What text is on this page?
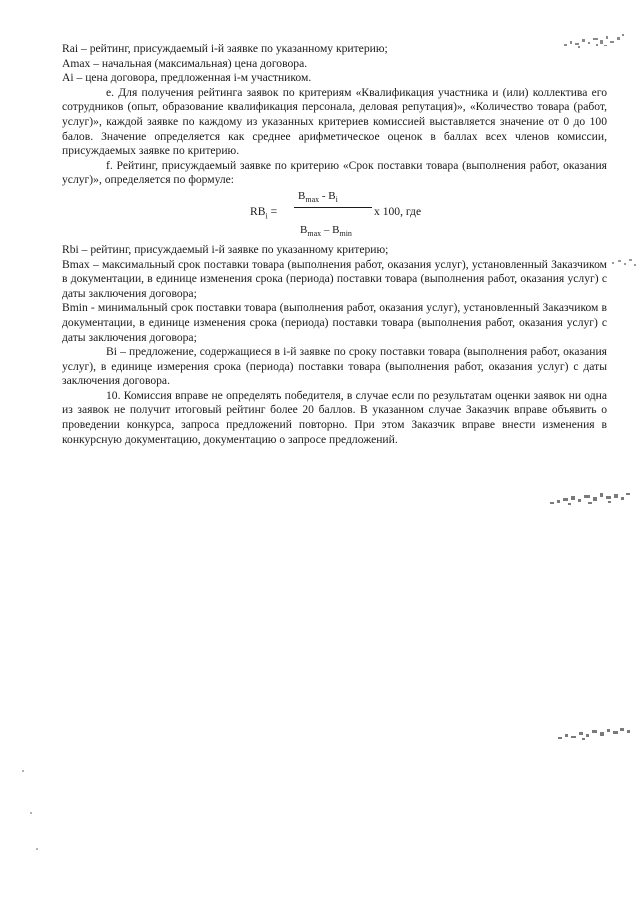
Rai – рейтинг, присуждаемый i-й заявке по указанному критерию;

Amax – начальная (максимальная) цена договора.

Ai – цена договора, предложенная i-м участником.

e. Для получения рейтинга заявок по критериям «Квалификация участника и (или) коллектива его сотрудников (опыт, образование квалификация персонала, деловая репутация)», «Количество товара (работ, услуг)», каждой заявке по каждому из указанных критериев комиссией выставляется значение от 0 до 100 балов. Значение определяется как среднее арифметическое оценок в баллах всех членов комиссии, присуждаемых заявке по критерию.

f. Рейтинг, присуждаемый заявке по критерию «Срок поставки товара (выполнения работ, оказания услуг)», определяется по формуле:

$RB_i$ =
$B_{max} - B_i$
x 100, где
$B_{max} - B_{min}$

Rbi – рейтинг, присуждаемый i-й заявке по указанному критерию;

Bmax – максимальный срок поставки товара (выполнения работ, оказания услуг), установленный Заказчиком в документации, в единице изменения срока (периода) поставки товара (выполнения работ, оказания услуг) с даты заключения договора;

Bmin - минимальный срок поставки товара (выполнения работ, оказания услуг), установленный Заказчиком в документации, в единице изменения срока (периода) поставки товара (выполнения работ, оказания услуг) с даты заключения договора;

Bi – предложение, содержащиеся в i-й заявке по сроку поставки товара (выполнения работ, оказания услуг), в единице измерения срока (периода) поставки товара (выполнения работ, оказания услуг) с даты заключения договора.

10. Комиссия вправе не определять победителя, в случае если по результатам оценки заявок ни одна из заявок не получит итоговый рейтинг более 20 баллов. В указанном случае Заказчик вправе объявить о проведении конкурса, запроса предложений повторно. При этом Заказчик вправе внести изменения в конкурсную документацию, документацию о запросе предложений.
